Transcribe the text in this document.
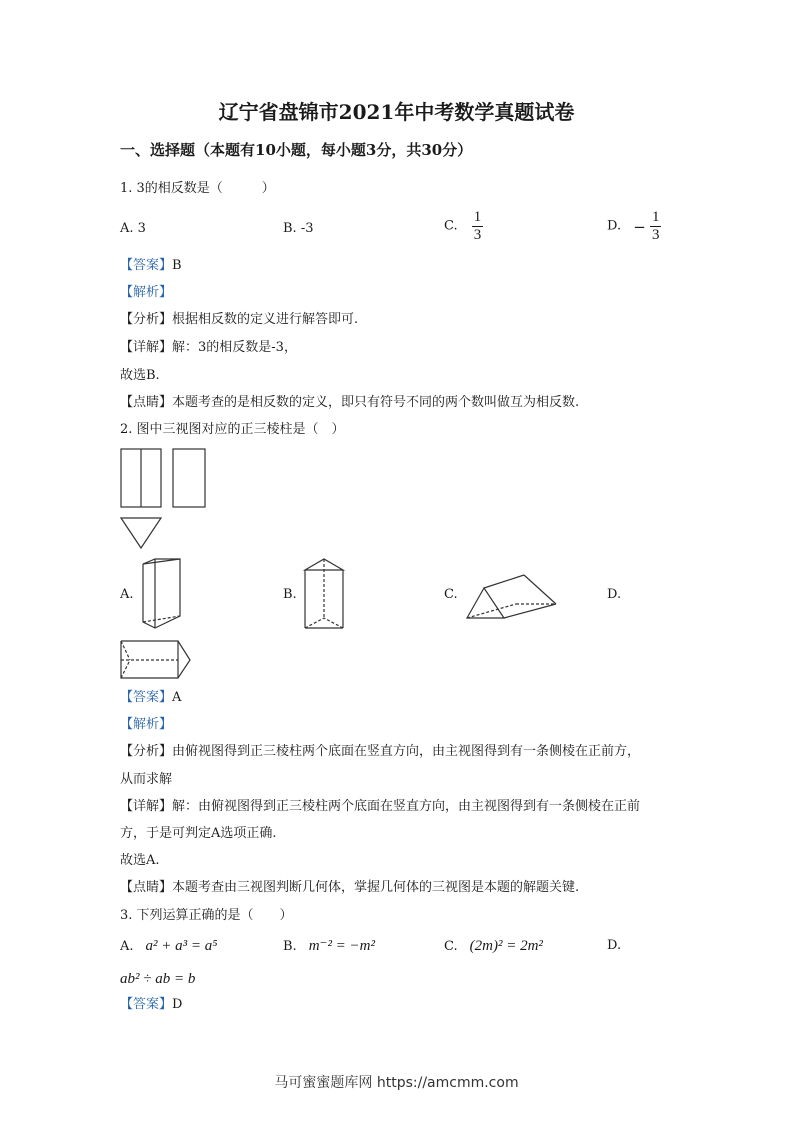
辽宁省盘锦市2021年中考数学真题试卷
一、选择题（本题有10小题，每小题3分，共30分）
1. 3的相反数是（　　　）
A. 3	B. -3	C. $\frac{1}{3}$	D. − $\frac{1}{3}$
【答案】B
【解析】
【分析】根据相反数的定义进行解答即可.
【详解】解：3的相反数是-3，
故选B.
【点睛】本题考查的是相反数的定义，即只有符号不同的两个数叫做互为相反数.
2. 图中三视图对应的正三棱柱是（　）
A.	B.	C.	D.
【答案】A
【解析】
【分析】由俯视图得到正三棱柱两个底面在竖直方向，由主视图得到有一条侧棱在正前方，
从而求解
【详解】解：由俯视图得到正三棱柱两个底面在竖直方向，由主视图得到有一条侧棱在正前
方，于是可判定A选项正确.
故选A.
【点睛】本题考查由三视图判断几何体，掌握几何体的三视图是本题的解题关键.
3. 下列运算正确的是（　　）
A. a² + a³ = a⁵	B. m⁻² = −m²	C. (2m)² = 2m²	D.
ab² ÷ ab = b
【答案】D
马可蜜蜜题库网 https://amcmm.com
